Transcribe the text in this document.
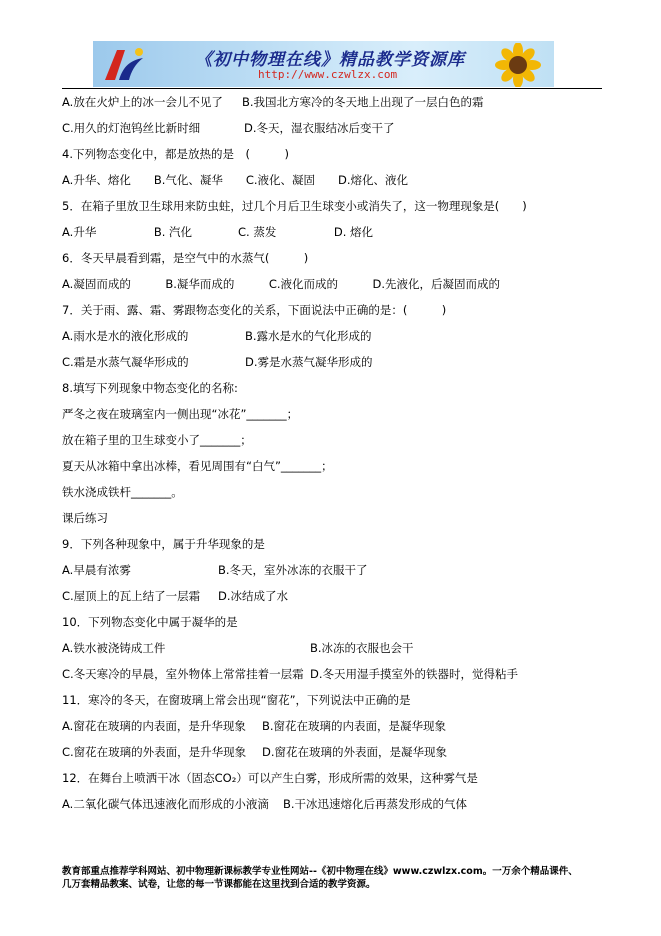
《初中物理在线》精品教学资源库
http://www.czwlzx.com
A.放在火炉上的冰一会儿不见了 B.我国北方寒冷的冬天地上出现了一层白色的霜
C.用久的灯泡钨丝比新时细	D.冬天，湿衣服结冰后变干了
4.下列物态变化中，都是放热的是　(　　　)
A.升华、熔化　　B.气化、凝华　　C.液化、凝固　　D.熔化、液化
5．在箱子里放卫生球用来防虫蛀，过几个月后卫生球变小或消失了，这一物理现象是(　　)
A.升华　　　　　B. 汽化　　　　C. 蒸发　　　　　D. 熔化
6．冬天早晨看到霜，是空气中的水蒸气(　　　)
A.凝固而成的　　　B.凝华而成的　　　C.液化而成的　　　D.先液化，后凝固而成的
7．关于雨、露、霜、雾跟物态变化的关系，下面说法中正确的是：(　　　)
A.雨水是水的液化形成的	B.露水是水的气化形成的
C.霜是水蒸气凝华形成的	D.雾是水蒸气凝华形成的
8.填写下列现象中物态变化的名称:
严冬之夜在玻璃室内一侧出现“冰花”_______；
放在箱子里的卫生球变小了_______；
夏天从冰箱中拿出冰棒，看见周围有“白气”_______；
铁水浇成铁杆_______。
课后练习
9．下列各种现象中，属于升华现象的是
A.早晨有浓雾	B.冬天，室外冰冻的衣服干了
C.屋顶上的瓦上结了一层霜 D.冰结成了水
10．下列物态变化中属于凝华的是
A.铁水被浇铸成工件	B.冰冻的衣服也会干
C.冬天寒冷的早晨，室外物体上常常挂着一层霜 D.冬天用湿手摸室外的铁器时，觉得粘手
11．寒冷的冬天，在窗玻璃上常会出现“窗花”，下列说法中正确的是
A.窗花在玻璃的内表面，是升华现象 B.窗花在玻璃的内表面，是凝华现象
C.窗花在玻璃的外表面，是升华现象 D.窗花在玻璃的外表面，是凝华现象
12．在舞台上喷洒干冰（固态CO₂）可以产生白雾，形成所需的效果，这种雾气是
A.二氧化碳气体迅速液化而形成的小液滴 B.干冰迅速熔化后再蒸发形成的气体
教育部重点推荐学科网站、初中物理新课标教学专业性网站--《初中物理在线》www.czwlzx.com。一万余个精品课件、
几万套精品教案、试卷，让您的每一节课都能在这里找到合适的教学资源。
